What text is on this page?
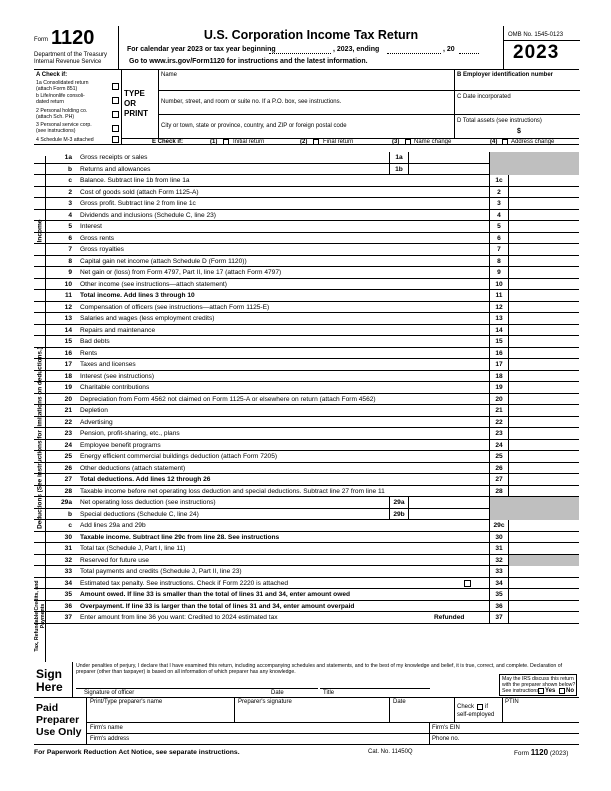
Form 1120
Department of the Treasury
Internal Revenue Service
U.S. Corporation Income Tax Return
For calendar year 2023 or tax year beginning	, 2023, ending	, 20
Go to www.irs.gov/Form1120 for instructions and the latest information.
OMB No. 1545-0123
2023
A Check if:
1a Consolidated return (attach Form 851)
b Life/nonlife consoli-dated return
2 Personal holding co. (attach Sch. PH)
3 Personal service corp. (see instructions)
4 Schedule M-3 attached
TYPE OR PRINT
Name
Number, street, and room or suite no. If a P.O. box, see instructions.
City or town, state or province, country, and ZIP or foreign postal code
B Employer identification number
C Date incorporated
D Total assets (see instructions)
$
E Check if:	(1)	Initial return	(2)	Final return	(3) Name change	(4) Address change
1a Gross receipts or sales	1a
b Returns and allowances	1b
c Balance. Subtract line 1b from line 1a	1c
2 Cost of goods sold (attach Form 1125-A)	2
3 Gross profit. Subtract line 2 from line 1c	3
4 Dividends and inclusions (Schedule C, line 23)	4
5 Interest	5
6 Gross rents	6
7 Gross royalties	7
8 Capital gain net income (attach Schedule D (Form 1120))	8
9 Net gain or (loss) from Form 4797, Part II, line 17 (attach Form 4797)	9
10 Other income (see instructions—attach statement)	10
11 Total income. Add lines 3 through 10	11
12 Compensation of officers (see instructions—attach Form 1125-E)	12
13 Salaries and wages (less employment credits)	13
14 Repairs and maintenance	14
15 Bad debts	15
16 Rents	16
17 Taxes and licenses	17
18 Interest (see instructions)	18
19 Charitable contributions	19
20 Depreciation from Form 4562 not claimed on Form 1125-A or elsewhere on return (attach Form 4562)	20
21 Depletion	21
22 Advertising	22
23 Pension, profit-sharing, etc., plans	23
24 Employee benefit programs	24
25 Energy efficient commercial buildings deduction (attach Form 7205)	25
26 Other deductions (attach statement)	26
27 Total deductions. Add lines 12 through 26	27
28 Taxable income before net operating loss deduction and special deductions. Subtract line 27 from line 11	28
29a Net operating loss deduction (see instructions)	29a
b Special deductions (Schedule C, line 24)	29b
c Add lines 29a and 29b	29c
30 Taxable income. Subtract line 29c from line 28. See instructions	30
31 Total tax (Schedule J, Part I, line 11)	31
32 Reserved for future use	32
33 Total payments and credits (Schedule J, Part II, line 23)	33
34 Estimated tax penalty. See instructions. Check if Form 2220 is attached	34
35 Amount owed. If line 33 is smaller than the total of lines 31 and 34, enter amount owed	35
36 Overpayment. If line 33 is larger than the total of lines 31 and 34, enter amount overpaid	36
37 Enter amount from line 36 you want: Credited to 2024 estimated tax	37
Refunded
Income
Deductions (See instructions for limitations on deductions.)
Tax, Refundable Credits, and Payments
Sign
Here
Under penalties of perjury, I declare that I have examined this return, including accompanying schedules and statements, and to the best of my knowledge and belief, it is true, correct, and complete. Declaration of preparer (other than taxpayer) is based on all information of which preparer has any knowledge.
Signature of officer	Date	Title
May the IRS discuss this return with the preparer shown below? See instructions. Yes No
Paid
Preparer
Use Only
Print/Type preparer's name	Preparer's signature	Date
Check if
self-employed
PTIN
Firm's name	Firm's EIN
Firm's address	Phone no.
For Paperwork Reduction Act Notice, see separate instructions.	Cat. No. 11450Q	Form 1120 (2023)
